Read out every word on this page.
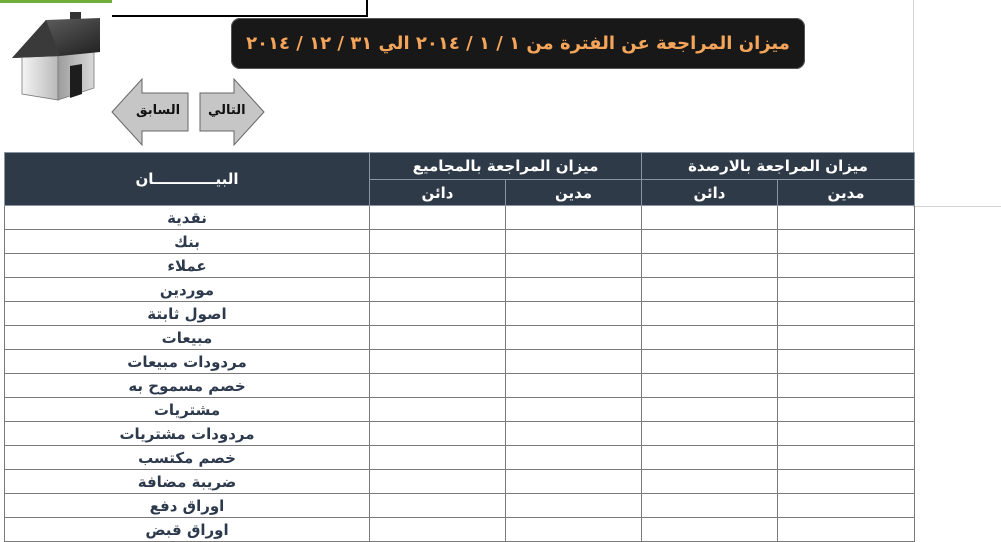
ميزان المراجعة عن الفترة من ١ / ١ / ٢٠١٤ الي ٣١ / ١٢ / ٢٠١٤
السابق التالي
البيــــــــــــان	ميزان المراجعة بالمجاميع		ميزان المراجعة بالارصدة	
	دائن	مدين	دائن	مدين
نقدية				
بنك				
عملاء				
موردين				
اصول ثابتة				
مبيعات				
مردودات مبيعات				
خصم مسموح به				
مشتريات				
مردودات مشتريات				
خصم مكتسب				
ضريبة مضافة				
اوراق دفع				
اوراق قبض				
